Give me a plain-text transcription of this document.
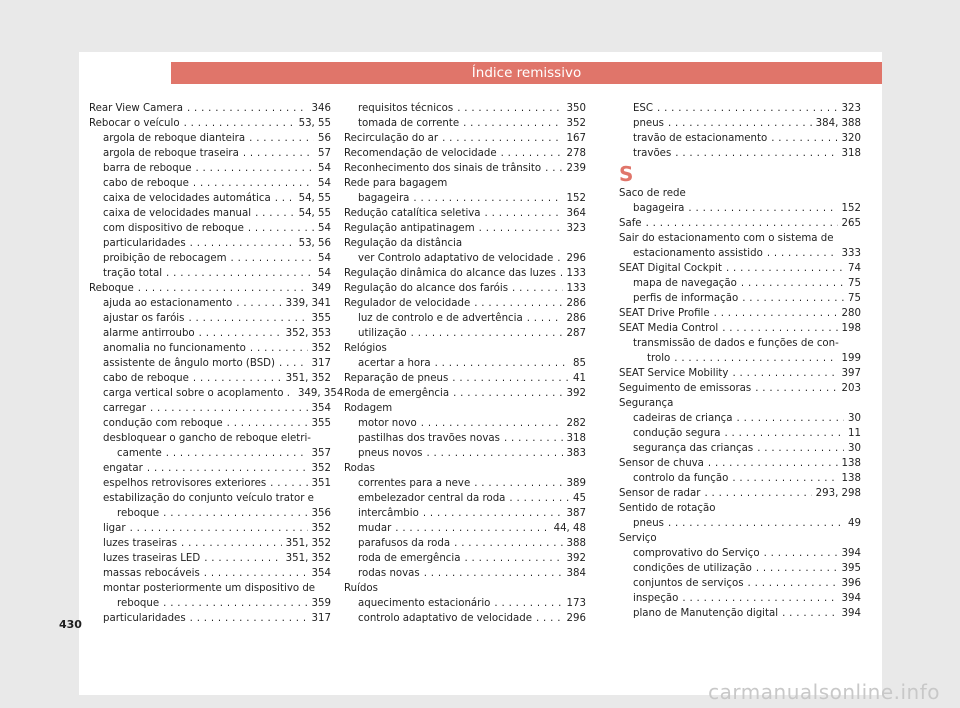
Índice remissivo
Rear View Camera . . .	346
Rebocar o veículo . . .	53, 55
argola de reboque dianteira . . .	56
argola de reboque traseira . . .	57
barra de reboque . . .	54
cabo de reboque . . .	54
caixa de velocidades automática . . .	54, 55
caixa de velocidades manual . . .	54, 55
com dispositivo de reboque . . .	54
particularidades . . .	53, 56
proibição de rebocagem . . .	54
tração total . . .	54
Reboque . . .	349
ajuda ao estacionamento . . .	339, 341
ajustar os faróis . . .	355
alarme antirroubo . . .	352, 353
anomalia no funcionamento . . .	352
assistente de ângulo morto (BSD) . . .	317
cabo de reboque . . .	351, 352
carga vertical sobre o acoplamento . 349, 354
carregar . . .	354
condução com reboque . . .	355
desbloquear o gancho de reboque eletri-
camente . . .	357
engatar . . .	352
espelhos retrovisores exteriores . . .	351
estabilização do conjunto veículo trator e
reboque . . .	356
ligar . . .	352
luzes traseiras . . .	351, 352
luzes traseiras LED . . .	351, 352
massas rebocáveis . . .	354
montar posteriormente um dispositivo de
reboque . . .	359
particularidades . . .	317
requisitos técnicos . . .	350
tomada de corrente . . .	352
Recirculação do ar . . .	167
Recomendação de velocidade . . .	278
Reconhecimento dos sinais de trânsito . . . 239
Rede para bagagem
bagageira . . .	152
Redução catalítica seletiva . . .	364
Regulação antipatinagem . . .	323
Regulação da distância
ver Controlo adaptativo de velocidade . . . 296
Regulação dinâmica do alcance das luzes . . . 133
Regulação do alcance dos faróis . . .	133
Regulador de velocidade . . .	286
luz de controlo e de advertência . . .	286
utilização . . .	287
Relógios
acertar a hora . . .	85
Reparação de pneus . . .	41
Roda de emergência . . .	392
Rodagem
motor novo . . .	282
pastilhas dos travões novas . . .	318
pneus novos . . .	383
Rodas
correntes para a neve . . .	389
embelezador central da roda . . .	45
intercâmbio . . .	387
mudar . . .	44, 48
parafusos da roda . . .	388
roda de emergência . . .	392
rodas novas . . .	384
Ruídos
aquecimento estacionário . . .	173
controlo adaptativo de velocidade . . .	296
ESC . . .	323
pneus . . .	384, 388
travão de estacionamento . . .	320
travões . . .	318
S
Saco de rede
bagageira . . .	152
Safe . . .	265
Sair do estacionamento com o sistema de
estacionamento assistido . . .	333
SEAT Digital Cockpit . . .	74
mapa de navegação . . .	75
perfis de informação . . .	75
SEAT Drive Profile . . .	280
SEAT Media Control . . .	198
transmissão de dados e funções de con-
trolo . . .	199
SEAT Service Mobility . . .	397
Seguimento de emissoras . . .	203
Segurança
cadeiras de criança . . .	30
condução segura . . .	11
segurança das crianças . . .	30
Sensor de chuva . . .	138
controlo da função . . .	138
Sensor de radar . . .	293, 298
Sentido de rotação
pneus . . .	49
Serviço
comprovativo do Serviço . . .	394
condições de utilização . . .	395
conjuntos de serviços . . .	396
inspeção . . .	394
plano de Manutenção digital . . .	394
430
carmanualsonline.info
